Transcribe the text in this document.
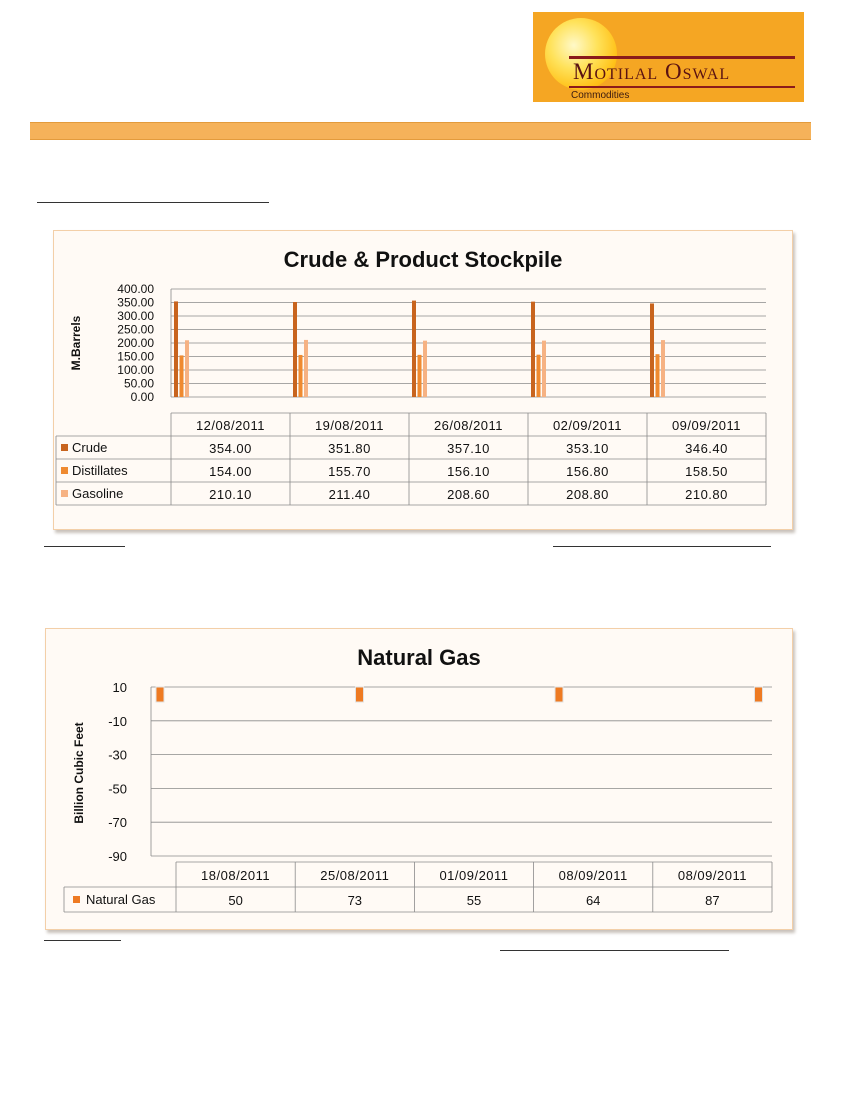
Motilal Oswal
Commodities
Crude & Product Stockpile
M.Barrels
400.00
350.00
300.00
250.00
200.00
150.00
100.00
50.00
0.00
12/08/2011	19/08/2011	26/08/2011	02/09/2011	09/09/2011
Crude	354.00	351.80	357.10	353.10	346.40
Distillates	154.00	155.70	156.10	156.80	158.50
Gasoline	210.10	211.40	208.60	208.80	210.80
Natural Gas
Billion Cubic Feet
10
-10
-30
-50
-70
-90
18/08/2011	25/08/2011	01/09/2011	08/09/2011	08/09/2011
Natural Gas	50	73	55	64	87
